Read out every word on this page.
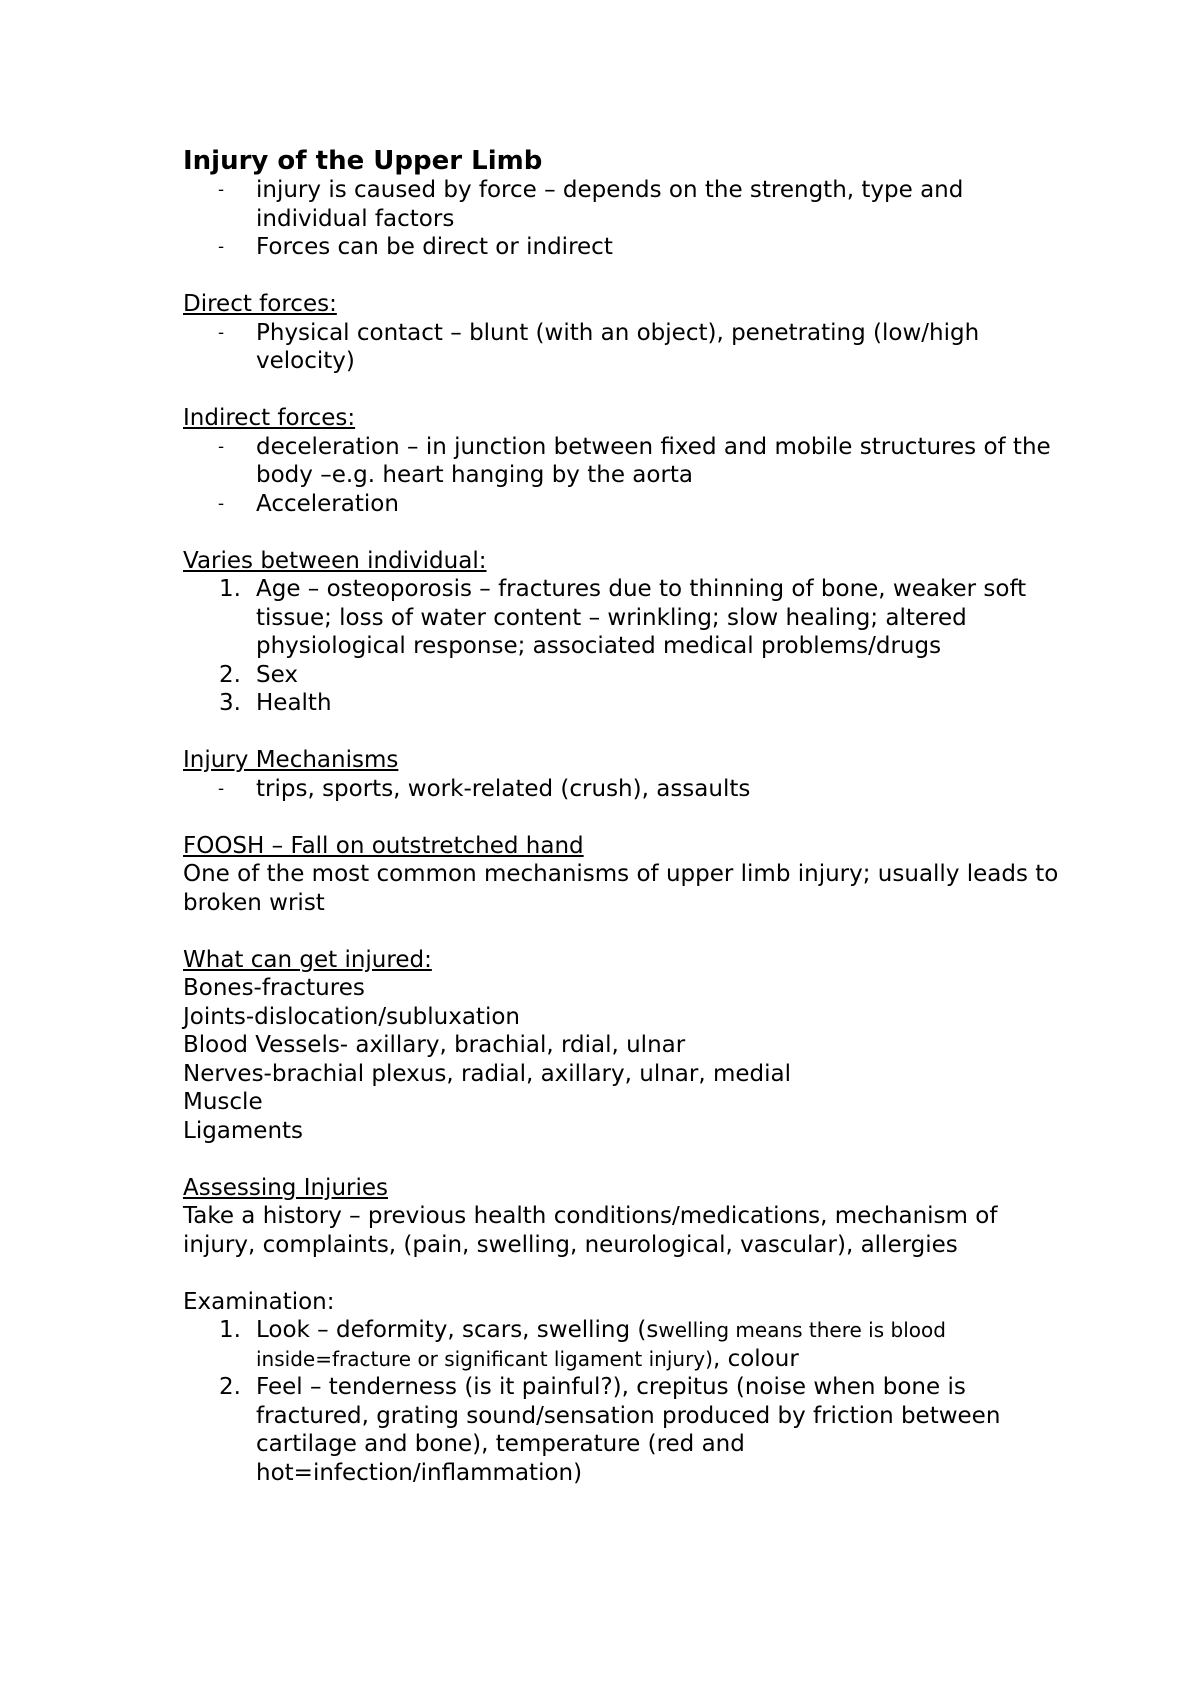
Injury of the Upper Limb

- injury is caused by force – depends on the strength, type and individual factors
- Forces can be direct or indirect

Direct forces:

- Physical contact – blunt (with an object), penetrating (low/high velocity)

Indirect forces:

- deceleration – in junction between fixed and mobile structures of the body –e.g. heart hanging by the aorta
- Acceleration

Varies between individual:

1. Age – osteoporosis – fractures due to thinning of bone, weaker soft tissue; loss of water content – wrinkling; slow healing; altered physiological response; associated medical problems/drugs
2. Sex
3. Health

Injury Mechanisms

- trips, sports, work-related (crush), assaults

FOOSH – Fall on outstretched hand

One of the most common mechanisms of upper limb injury; usually leads to broken wrist

What can get injured:

Bones-fractures

Joints-dislocation/subluxation

Blood Vessels- axillary, brachial, rdial, ulnar

Nerves-brachial plexus, radial, axillary, ulnar, medial

Muscle

Ligaments

Assessing Injuries

Take a history – previous health conditions/medications, mechanism of injury, complaints, (pain, swelling, neurological, vascular), allergies

Examination:

1. Look – deformity, scars, swelling (swelling means there is blood inside=fracture or significant ligament injury), colour
2. Feel – tenderness (is it painful?), crepitus (noise when bone is fractured, grating sound/sensation produced by friction between cartilage and bone), temperature (red and hot=infection/inflammation)
